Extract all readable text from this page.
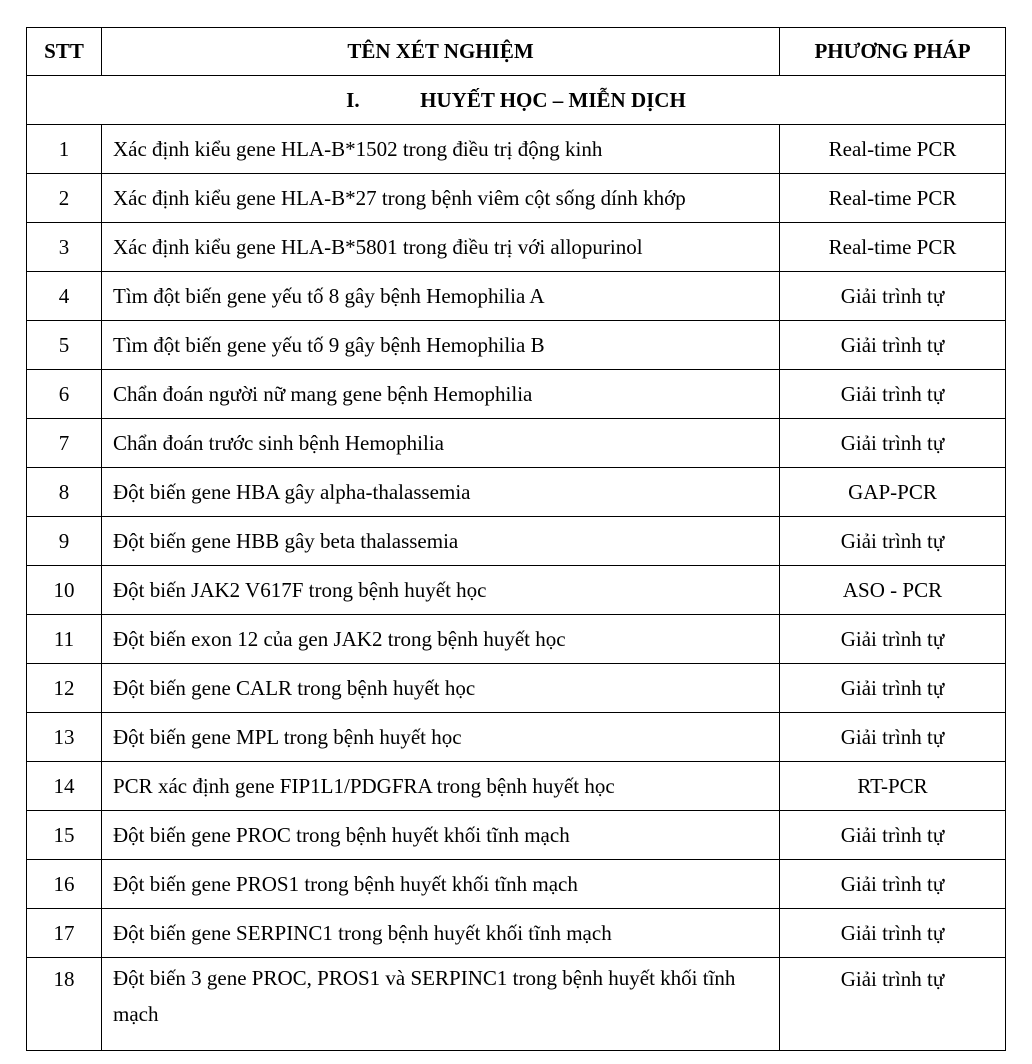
STT	TÊN XÉT NGHIỆM	PHƯƠNG PHÁP
I. HUYẾT HỌC – MIỄN DỊCH		
1	Xác định kiểu gene HLA-B*1502 trong điều trị động kinh	Real-time PCR
2	Xác định kiểu gene HLA-B*27 trong bệnh viêm cột sống dính khớp	Real-time PCR
3	Xác định kiểu gene HLA-B*5801 trong điều trị với allopurinol	Real-time PCR
4	Tìm đột biến gene yếu tố 8 gây bệnh Hemophilia A	Giải trình tự
5	Tìm đột biến gene yếu tố 9 gây bệnh Hemophilia B	Giải trình tự
6	Chẩn đoán người nữ mang gene bệnh Hemophilia	Giải trình tự
7	Chẩn đoán trước sinh bệnh Hemophilia	Giải trình tự
8	Đột biến gene HBA gây alpha-thalassemia	GAP-PCR
9	Đột biến gene HBB gây beta thalassemia	Giải trình tự
10	Đột biến JAK2 V617F trong bệnh huyết học	ASO - PCR
11	Đột biến exon 12 của gen JAK2 trong bệnh huyết học	Giải trình tự
12	Đột biến gene CALR trong bệnh huyết học	Giải trình tự
13	Đột biến gene MPL trong bệnh huyết học	Giải trình tự
14	PCR xác định gene FIP1L1/PDGFRA trong bệnh huyết học	RT-PCR
15	Đột biến gene PROC trong bệnh huyết khối tĩnh mạch	Giải trình tự
16	Đột biến gene PROS1 trong bệnh huyết khối tĩnh mạch	Giải trình tự
17	Đột biến gene SERPINC1 trong bệnh huyết khối tĩnh mạch	Giải trình tự

18	Đột biến 3 gene PROC, PROS1 và SERPINC1 trong bệnh huyết khối tĩnh mạch	Giải trình tự
